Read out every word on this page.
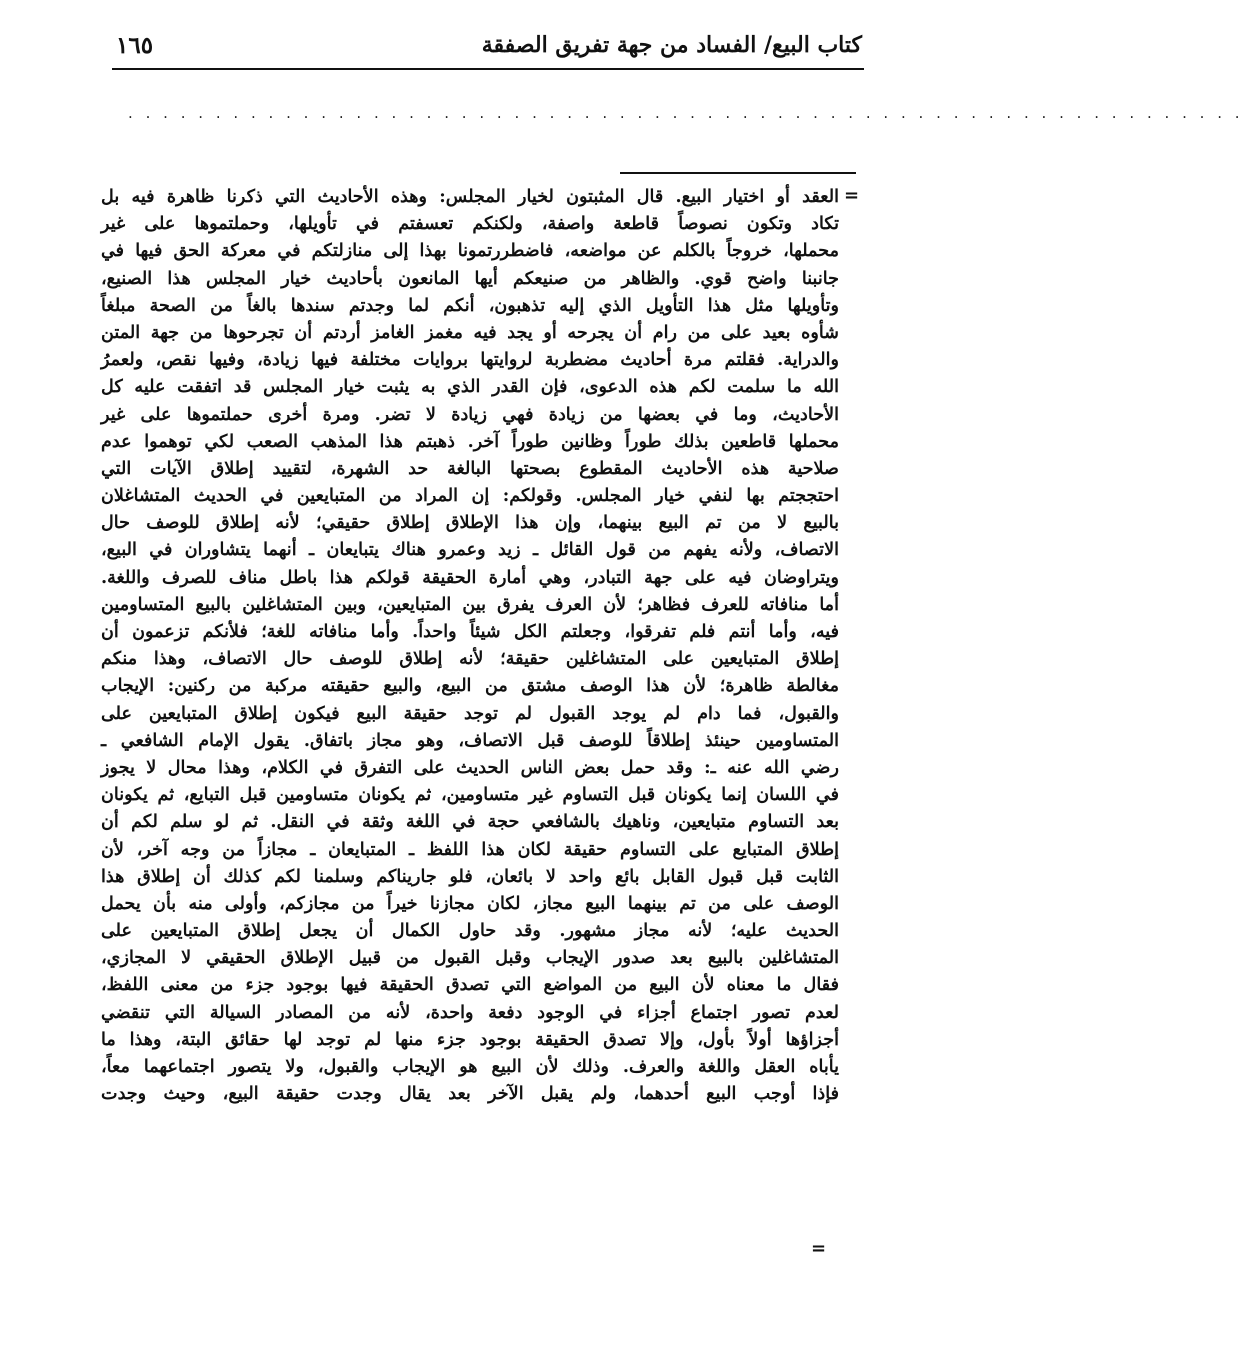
كتاب البيع/ الفساد من جهة تفريق الصفقة
١٦٥
................................................................
=
=
العقد أو اختيار البيع. قال المثبتون لخيار المجلس: وهذه الأحاديث التي ذكرنا ظاهرة فيه بل
تكاد وتكون نصوصاً قاطعة واصفة، ولكنكم تعسفتم في تأويلها، وحملتموها على غير
محملها، خروجاً بالكلم عن مواضعه، فاضطررتمونا بهذا إلى منازلتكم في معركة الحق فيها في
جانبنا واضح قوي. والظاهر من صنيعكم أيها المانعون بأحاديث خيار المجلس هذا الصنيع،
وتأويلها مثل هذا التأويل الذي إليه تذهبون، أنكم لما وجدتم سندها بالغاً من الصحة مبلغاً
شأوه بعيد على من رام أن يجرحه أو يجد فيه مغمز الغامز أردتم أن تجرحوها من جهة المتن
والدراية. فقلتم مرة أحاديث مضطربة لروايتها بروايات مختلفة فيها زيادة، وفيها نقص، ولعمرُ
الله ما سلمت لكم هذه الدعوى، فإن القدر الذي به يثبت خيار المجلس قد اتفقت عليه كل
الأحاديث، وما في بعضها من زيادة فهي زيادة لا تضر. ومرة أخرى حملتموها على غير
محملها قاطعين بذلك طوراً وظانين طوراً آخر. ذهبتم هذا المذهب الصعب لكي توهموا عدم
صلاحية هذه الأحاديث المقطوع بصحتها البالغة حد الشهرة، لتقييد إطلاق الآيات التي
احتججتم بها لنفي خيار المجلس. وقولكم: إن المراد من المتبايعين في الحديث المتشاغلان
بالبيع لا من تم البيع بينهما، وإن هذا الإطلاق إطلاق حقيقي؛ لأنه إطلاق للوصف حال
الاتصاف، ولأنه يفهم من قول القائل ـ زيد وعمرو هناك يتبايعان ـ أنهما يتشاوران في البيع،
ويتراوضان فيه على جهة التبادر، وهي أمارة الحقيقة قولكم هذا باطل مناف للصرف واللغة.
أما منافاته للعرف فظاهر؛ لأن العرف يفرق بين المتبايعين، وبين المتشاغلين بالبيع المتساومين
فيه، وأما أنتم فلم تفرقوا، وجعلتم الكل شيئاً واحداً. وأما منافاته للغة؛ فلأنكم تزعمون أن
إطلاق المتبايعين على المتشاغلين حقيقة؛ لأنه إطلاق للوصف حال الاتصاف، وهذا منكم
مغالطة ظاهرة؛ لأن هذا الوصف مشتق من البيع، والبيع حقيقته مركبة من ركنين: الإيجاب
والقبول، فما دام لم يوجد القبول لم توجد حقيقة البيع فيكون إطلاق المتبايعين على
المتساومين حينئذ إطلاقاً للوصف قبل الاتصاف، وهو مجاز باتفاق. يقول الإمام الشافعي ـ
رضي الله عنه ـ: وقد حمل بعض الناس الحديث على التفرق في الكلام، وهذا محال لا يجوز
في اللسان إنما يكونان قبل التساوم غير متساومين، ثم يكونان متساومين قبل التبايع، ثم يكونان
بعد التساوم متبايعين، وناهيك بالشافعي حجة في اللغة وثقة في النقل. ثم لو سلم لكم أن
إطلاق المتبايع على التساوم حقيقة لكان هذا اللفظ ـ المتبايعان ـ مجازاً من وجه آخر، لأن
الثابت قبل قبول القابل بائع واحد لا بائعان، فلو جاريناكم وسلمنا لكم كذلك أن إطلاق هذا
الوصف على من تم بينهما البيع مجاز، لكان مجازنا خيراً من مجازكم، وأولى منه بأن يحمل
الحديث عليه؛ لأنه مجاز مشهور. وقد حاول الكمال أن يجعل إطلاق المتبايعين على
المتشاغلين بالبيع بعد صدور الإيجاب وقبل القبول من قبيل الإطلاق الحقيقي لا المجازي،
فقال ما معناه لأن البيع من المواضع التي تصدق الحقيقة فيها بوجود جزء من معنى اللفظ،
لعدم تصور اجتماع أجزاء في الوجود دفعة واحدة، لأنه من المصادر السيالة التي تنقضي
أجزاؤها أولاً بأول، وإلا تصدق الحقيقة بوجود جزء منها لم توجد لها حقائق البتة، وهذا ما
يأباه العقل واللغة والعرف. وذلك لأن البيع هو الإيجاب والقبول، ولا يتصور اجتماعهما معاً،
فإذا أوجب البيع أحدهما، ولم يقبل الآخر بعد يقال وجدت حقيقة البيع، وحيث وجدت
